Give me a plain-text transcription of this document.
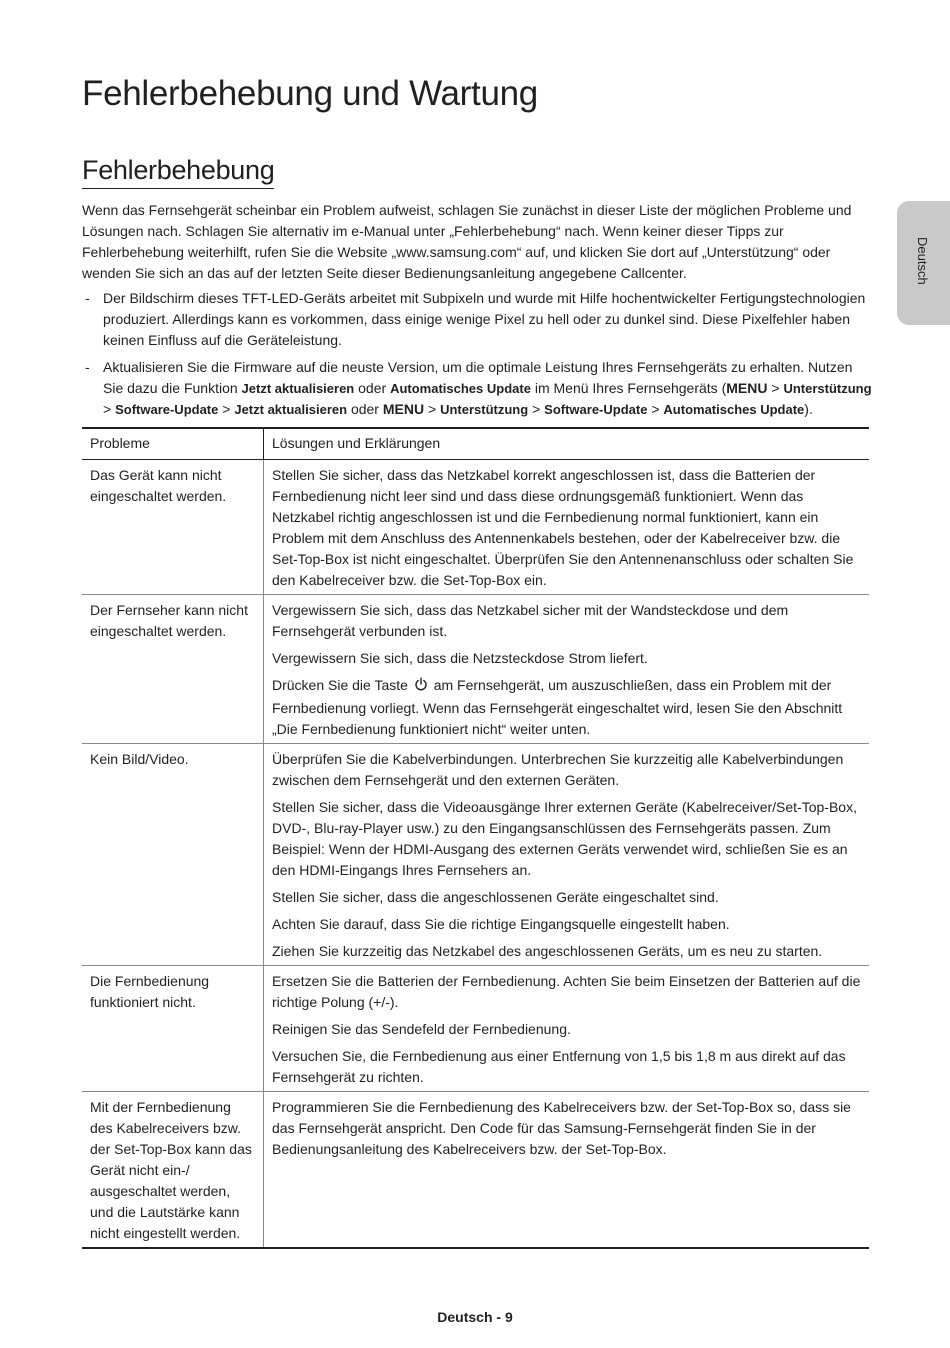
Fehlerbehebung und Wartung
Fehlerbehebung
Deutsch

Wenn das Fernsehgerät scheinbar ein Problem aufweist, schlagen Sie zunächst in dieser Liste der möglichen Probleme und Lösungen nach. Schlagen Sie alternativ im e-Manual unter „Fehlerbehebung“ nach. Wenn keiner dieser Tipps zur Fehlerbehebung weiterhilft, rufen Sie die Website „www.samsung.com“ auf, und klicken Sie dort auf „Unterstützung“ oder wenden Sie sich an das auf der letzten Seite dieser Bedienungsanleitung angegebene Callcenter.

- Der Bildschirm dieses TFT-LED-Geräts arbeitet mit Subpixeln und wurde mit Hilfe hochentwickelter Fertigungstechnologien produziert. Allerdings kann es vorkommen, dass einige wenige Pixel zu hell oder zu dunkel sind. Diese Pixelfehler haben keinen Einfluss auf die Geräteleistung.
- Aktualisieren Sie die Firmware auf die neuste Version, um die optimale Leistung Ihres Fernsehgeräts zu erhalten. Nutzen Sie dazu die Funktion Jetzt aktualisieren oder Automatisches Update im Menü Ihres Fernsehgeräts (MENU > Unterstützung > Software-Update > Jetzt aktualisieren oder MENU > Unterstützung > Software-Update > Automatisches Update).
Probleme	Lösungen und Erklärungen
Das Gerät kann nicht eingeschaltet werden.	Stellen Sie sicher, dass das Netzkabel korrekt angeschlossen ist, dass die Batterien der Fernbedienung nicht leer sind und dass diese ordnungsgemäß funktioniert. Wenn das Netzkabel richtig angeschlossen ist und die Fernbedienung normal funktioniert, kann ein Problem mit dem Anschluss des Antennenkabels bestehen, oder der Kabelreceiver bzw. die Set-Top-Box ist nicht eingeschaltet. Überprüfen Sie den Antennenanschluss oder schalten Sie den Kabelreceiver bzw. die Set-Top-Box ein.

Der Fernseher kann nicht eingeschaltet werden.	Vergewissern Sie sich, dass das Netzkabel sicher mit der Wandsteckdose und dem Fernsehgerät verbunden ist.

Vergewissern Sie sich, dass die Netzsteckdose Strom liefert.

Drücken Sie die Taste  am Fernsehgerät, um auszuschließen, dass ein Problem mit der Fernbedienung vorliegt. Wenn das Fernsehgerät eingeschaltet wird, lesen Sie den Abschnitt „Die Fernbedienung funktioniert nicht“ weiter unten.

Kein Bild/Video.	Überprüfen Sie die Kabelverbindungen. Unterbrechen Sie kurzzeitig alle Kabelverbindungen zwischen dem Fernsehgerät und den externen Geräten.

Stellen Sie sicher, dass die Videoausgänge Ihrer externen Geräte (Kabelreceiver/Set-Top-Box, DVD-, Blu-ray-Player usw.) zu den Eingangsanschlüssen des Fernsehgeräts passen. Zum Beispiel: Wenn der HDMI-Ausgang des externen Geräts verwendet wird, schließen Sie es an den HDMI-Eingangs Ihres Fernsehers an.

Stellen Sie sicher, dass die angeschlossenen Geräte eingeschaltet sind.

Achten Sie darauf, dass Sie die richtige Eingangsquelle eingestellt haben.

Ziehen Sie kurzzeitig das Netzkabel des angeschlossenen Geräts, um es neu zu starten.

Die Fernbedienung funktioniert nicht.	Ersetzen Sie die Batterien der Fernbedienung. Achten Sie beim Einsetzen der Batterien auf die richtige Polung (+/-).

Reinigen Sie das Sendefeld der Fernbedienung.

Versuchen Sie, die Fernbedienung aus einer Entfernung von 1,5 bis 1,8 m aus direkt auf das Fernsehgerät zu richten.

Mit der Fernbedienung des Kabelreceivers bzw. der Set-Top-Box kann das Gerät nicht ein-/ ausgeschaltet werden, und die Lautstärke kann nicht eingestellt werden.	Programmieren Sie die Fernbedienung des Kabelreceivers bzw. der Set-Top-Box so, dass sie das Fernsehgerät anspricht. Den Code für das Samsung-Fernsehgerät finden Sie in der Bedienungsanleitung des Kabelreceivers bzw. der Set-Top-Box.

Deutsch - 9
